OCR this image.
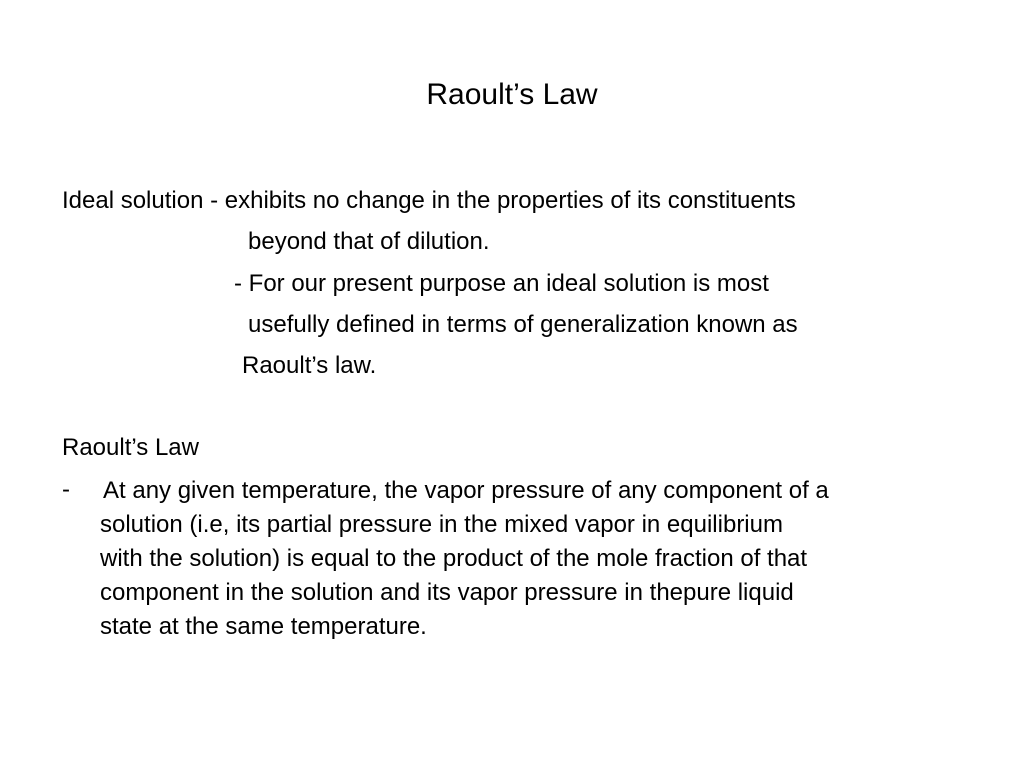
Raoult’s Law
Ideal solution - exhibits no change in the properties of its constituents
beyond that of dilution.
- For our present purpose an ideal solution is most
usefully defined in terms of generalization known as
Raoult’s law.
Raoult’s Law
- At any given temperature, the vapor pressure of any component of a
solution (i.e, its partial pressure in the mixed vapor in equilibrium
with the solution) is equal to the product of the mole fraction of that
component in the solution and its vapor pressure in thepure liquid
state at the same temperature.
